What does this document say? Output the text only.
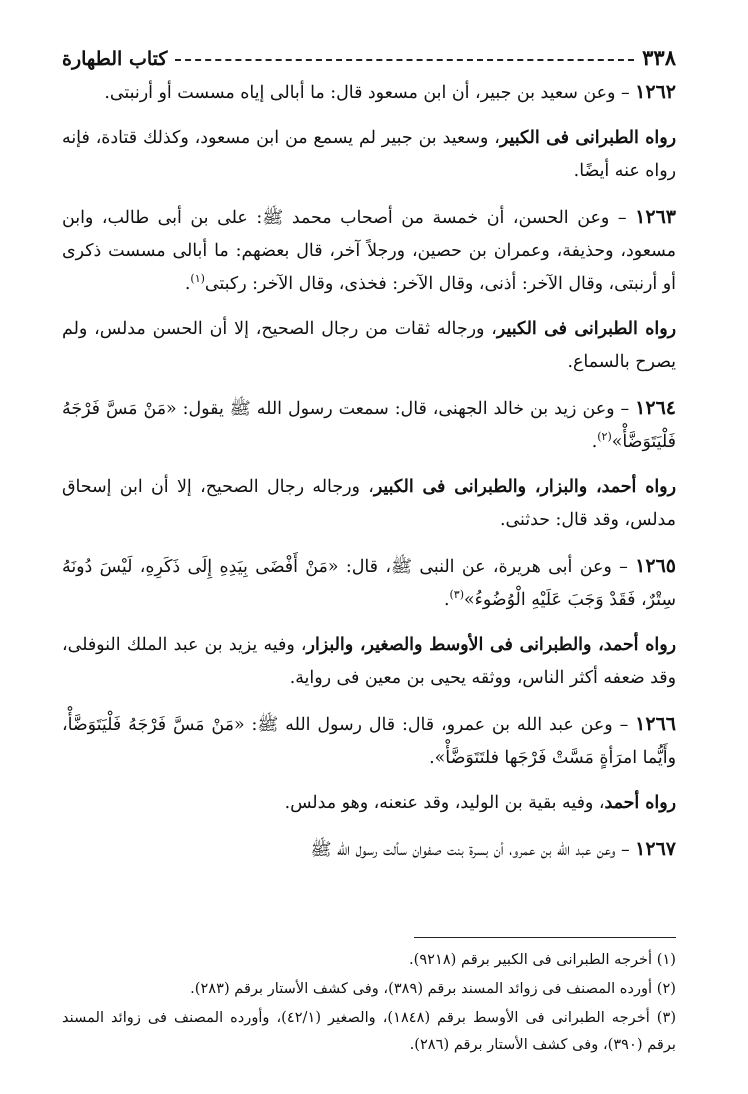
٣٣٨
كتاب الطهارة

١٢٦٢ – وعن سعيد بن جبير، أن ابن مسعود قال: ما أبالى إياه مسست أو أرنبتى.

رواه الطبرانى فى الكبير، وسعيد بن جبير لم يسمع من ابن مسعود، وكذلك قتادة، فإنه رواه عنه أيضًا.

١٢٦٣ – وعن الحسن، أن خمسة من أصحاب محمد ﷺ: على بن أبى طالب، وابن مسعود، وحذيفة، وعمران بن حصين، ورجلاً آخر، قال بعضهم: ما أبالى مسست ذكرى أو أرنبتى، وقال الآخر: أذنى، وقال الآخر: فخذى، وقال الآخر: ركبتى$^{(١)}$.

رواه الطبرانى فى الكبير، ورجاله ثقات من رجال الصحيح، إلا أن الحسن مدلس، ولم يصرح بالسماع.

١٢٦٤ – وعن زيد بن خالد الجهنى، قال: سمعت رسول الله ﷺ يقول: «مَنْ مَسَّ فَرْجَهُ فَلْيَتَوَضَّأْ»$^{(٢)}$.

رواه أحمد، والبزار، والطبرانى فى الكبير، ورجاله رجال الصحيح، إلا أن ابن إسحاق مدلس، وقد قال: حدثنى.

١٢٦٥ – وعن أبى هريرة، عن النبى ﷺ، قال: «مَنْ أَفْضَى بِيَدِهِ إِلَى ذَكَرِهِ، لَيْسَ دُونَهُ سِتْرٌ، فَقَدْ وَجَبَ عَلَيْهِ الْوُضُوءُ»$^{(٣)}$.

رواه أحمد، والطبرانى فى الأوسط والصغير، والبزار، وفيه يزيد بن عبد الملك النوفلى، وقد ضعفه أكثر الناس، ووثقه يحيى بن معين فى رواية.

١٢٦٦ – وعن عبد الله بن عمرو، قال: قال رسول الله ﷺ: «مَنْ مَسَّ فَرْجَهُ فَلْيَتَوَضَّأْ، وأَيُّما امرَأةٍ مَسَّتْ فَرْجَها فلتَتَوَضَّأْ».

رواه أحمد، وفيه بقية بن الوليد، وقد عنعنه، وهو مدلس.

١٢٦٧ – وعن عبد الله بن عمرو، أن بسرة بنت صفوان سألت رسول الله ﷺ

(١) أخرجه الطبرانى فى الكبير برقم (٩٢١٨).

(٢) أورده المصنف فى زوائد المسند برقم (٣٨٩)، وفى كشف الأستار برقم (٢٨٣).

(٣) أخرجه الطبرانى فى الأوسط برقم (١٨٤٨)، والصغير (٤٢/١)، وأورده المصنف فى زوائد المسند برقم (٣٩٠)، وفى كشف الأستار برقم (٢٨٦).
